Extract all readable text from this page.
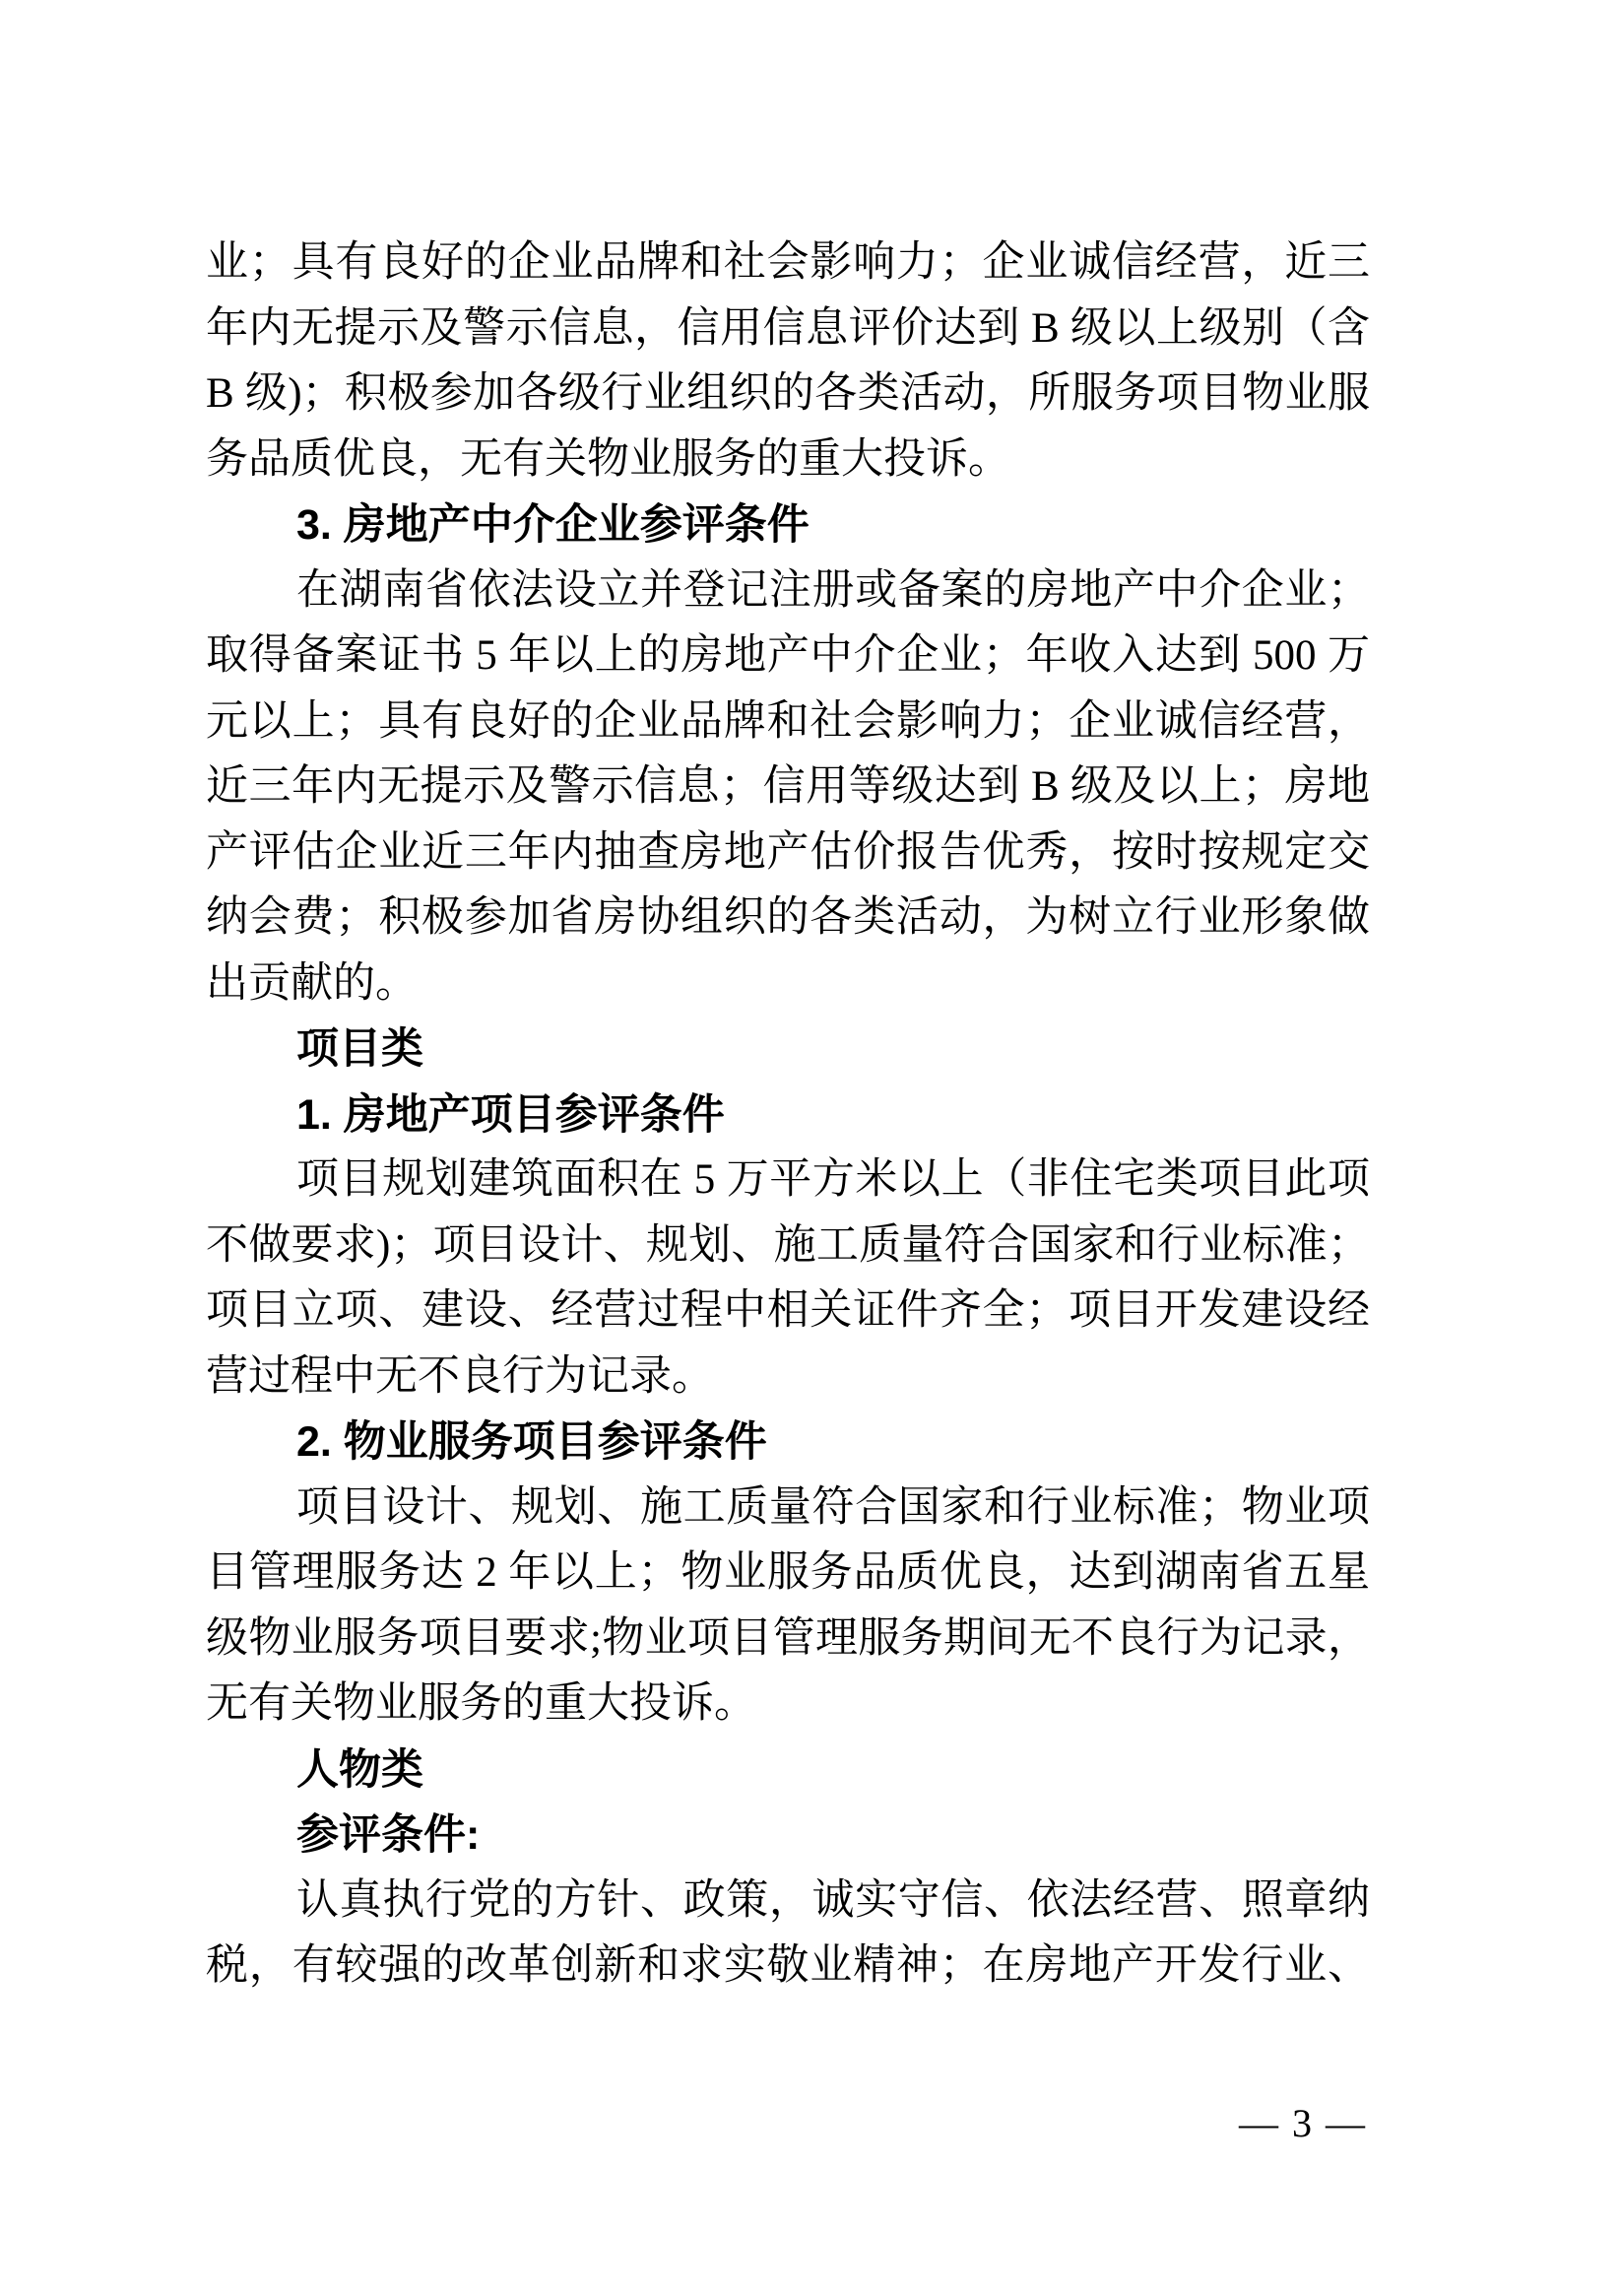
业；具有良好的企业品牌和社会影响力；企业诚信经营，近三
年内无提示及警示信息，信用信息评价达到 B 级以上级别（含
B 级)；积极参加各级行业组织的各类活动，所服务项目物业服
务品质优良，无有关物业服务的重大投诉。
3. 房地产中介企业参评条件
在湖南省依法设立并登记注册或备案的房地产中介企业；
取得备案证书 5 年以上的房地产中介企业；年收入达到 500 万
元以上；具有良好的企业品牌和社会影响力；企业诚信经营，
近三年内无提示及警示信息；信用等级达到 B 级及以上；房地
产评估企业近三年内抽查房地产估价报告优秀，按时按规定交
纳会费；积极参加省房协组织的各类活动，为树立行业形象做
出贡献的。
项目类
1. 房地产项目参评条件
项目规划建筑面积在 5 万平方米以上（非住宅类项目此项
不做要求)；项目设计、规划、施工质量符合国家和行业标准；
项目立项、建设、经营过程中相关证件齐全；项目开发建设经
营过程中无不良行为记录。
2. 物业服务项目参评条件
项目设计、规划、施工质量符合国家和行业标准；物业项
目管理服务达 2 年以上；物业服务品质优良，达到湖南省五星
级物业服务项目要求;物业项目管理服务期间无不良行为记录，
无有关物业服务的重大投诉。
人物类
参评条件:
认真执行党的方针、政策，诚实守信、依法经营、照章纳
税，有较强的改革创新和求实敬业精神；在房地产开发行业、
— 3 —
